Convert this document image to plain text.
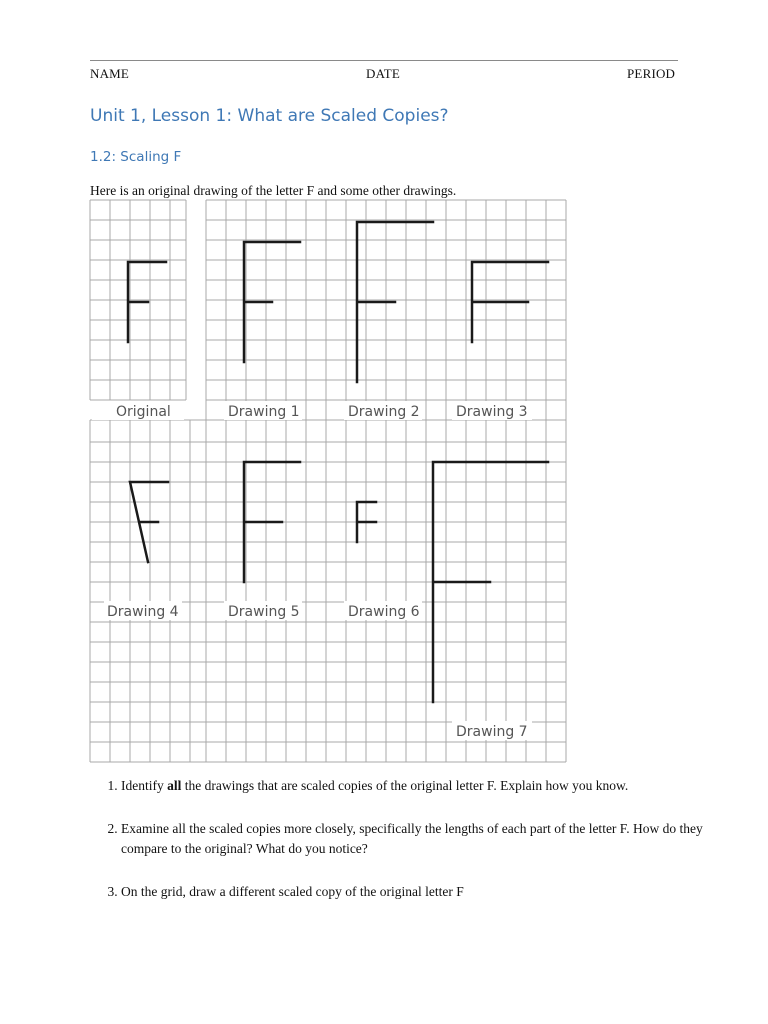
NAME	DATE	PERIOD
Unit 1, Lesson 1: What are Scaled Copies?
1.2: Scaling F
Here is an original drawing of the letter F and some other drawings.
Original	Drawing 1	Drawing 2	Drawing 3
Drawing 4	Drawing 5	Drawing 6
Drawing 7
1. Identify all the drawings that are scaled copies of the original letter F. Explain how you know.
2. Examine all the scaled copies more closely, specifically the lengths of each part of the letter F. How do they compare to the original? What do you notice?
3. On the grid, draw a different scaled copy of the original letter F
